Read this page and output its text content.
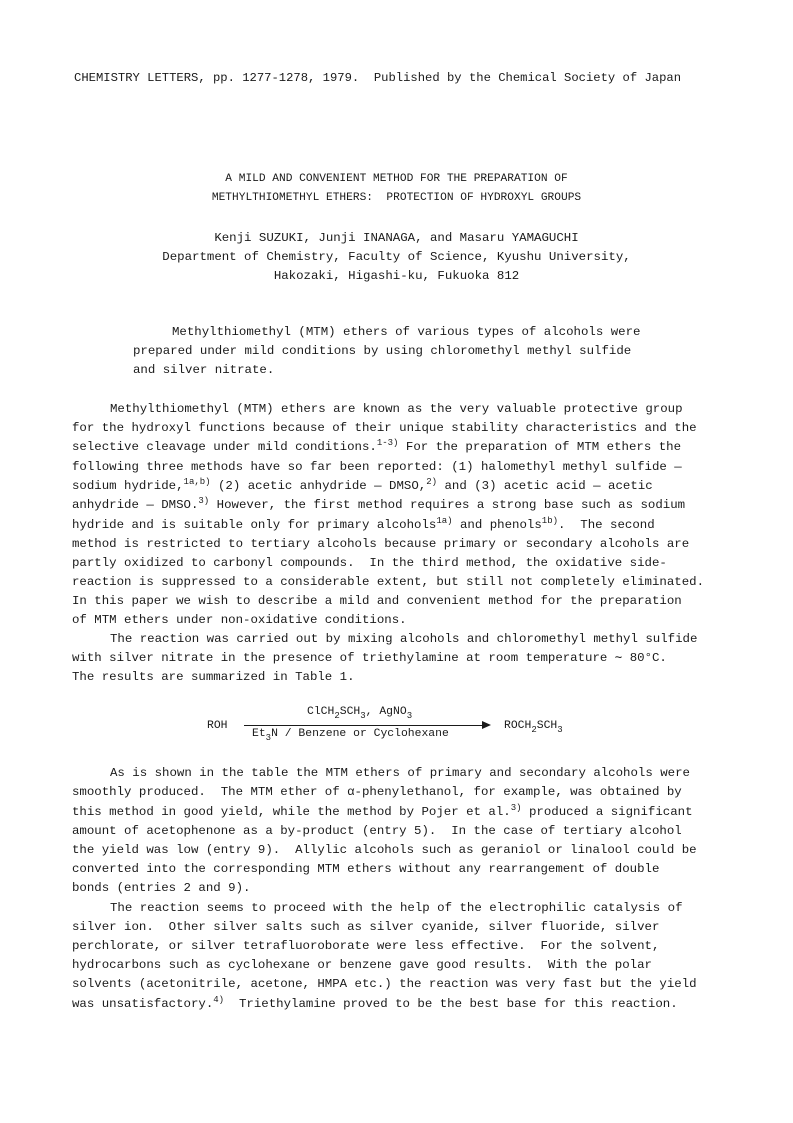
CHEMISTRY LETTERS, pp. 1277-1278, 1979.  Published by the Chemical Society of Japan
A MILD AND CONVENIENT METHOD FOR THE PREPARATION OF
METHYLTHIOMETHYL ETHERS:  PROTECTION OF HYDROXYL GROUPS
Kenji SUZUKI, Junji INANAGA, and Masaru YAMAGUCHI
Department of Chemistry, Faculty of Science, Kyushu University,
Hakozaki, Higashi-ku, Fukuoka 812
Methylthiomethyl (MTM) ethers of various types of alcohols were
prepared under mild conditions by using chloromethyl methyl sulfide
and silver nitrate.
Methylthiomethyl (MTM) ethers are known as the very valuable protective group
for the hydroxyl functions because of their unique stability characteristics and the
selective cleavage under mild conditions.$^{1-3)}$ For the preparation of MTM ethers the
following three methods have so far been reported: (1) halomethyl methyl sulfide —
sodium hydride,$^{1a,b)}$ (2) acetic anhydride — DMSO,$^{2)}$ and (3) acetic acid — acetic
anhydride — DMSO.$^{3)}$ However, the first method requires a strong base such as sodium
hydride and is suitable only for primary alcohols$^{1a)}$ and phenols$^{1b)}$.  The second
method is restricted to tertiary alcohols because primary or secondary alcohols are
partly oxidized to carbonyl compounds.  In the third method, the oxidative side-
reaction is suppressed to a considerable extent, but still not completely eliminated.
In this paper we wish to describe a mild and convenient method for the preparation
of MTM ethers under non-oxidative conditions.
The reaction was carried out by mixing alcohols and chloromethyl methyl sulfide
with silver nitrate in the presence of triethylamine at room temperature ∼ 80°C.
The results are summarized in Table 1.
ROH
$ClCH_2SCH_3$, AgNO$_3$
$Et_3N$ / Benzene or Cyclohexane
$ROCH_2SCH_3$
As is shown in the table the MTM ethers of primary and secondary alcohols were
smoothly produced.  The MTM ether of α-phenylethanol, for example, was obtained by
this method in good yield, while the method by Pojer et al.$^{3)}$ produced a significant
amount of acetophenone as a by-product (entry 5).  In the case of tertiary alcohol
the yield was low (entry 9).  Allylic alcohols such as geraniol or linalool could be
converted into the corresponding MTM ethers without any rearrangement of double
bonds (entries 2 and 9).
The reaction seems to proceed with the help of the electrophilic catalysis of
silver ion.  Other silver salts such as silver cyanide, silver fluoride, silver
perchlorate, or silver tetrafluoroborate were less effective.  For the solvent,
hydrocarbons such as cyclohexane or benzene gave good results.  With the polar
solvents (acetonitrile, acetone, HMPA etc.) the reaction was very fast but the yield
was unsatisfactory.$^{4)}$  Triethylamine proved to be the best base for this reaction.
